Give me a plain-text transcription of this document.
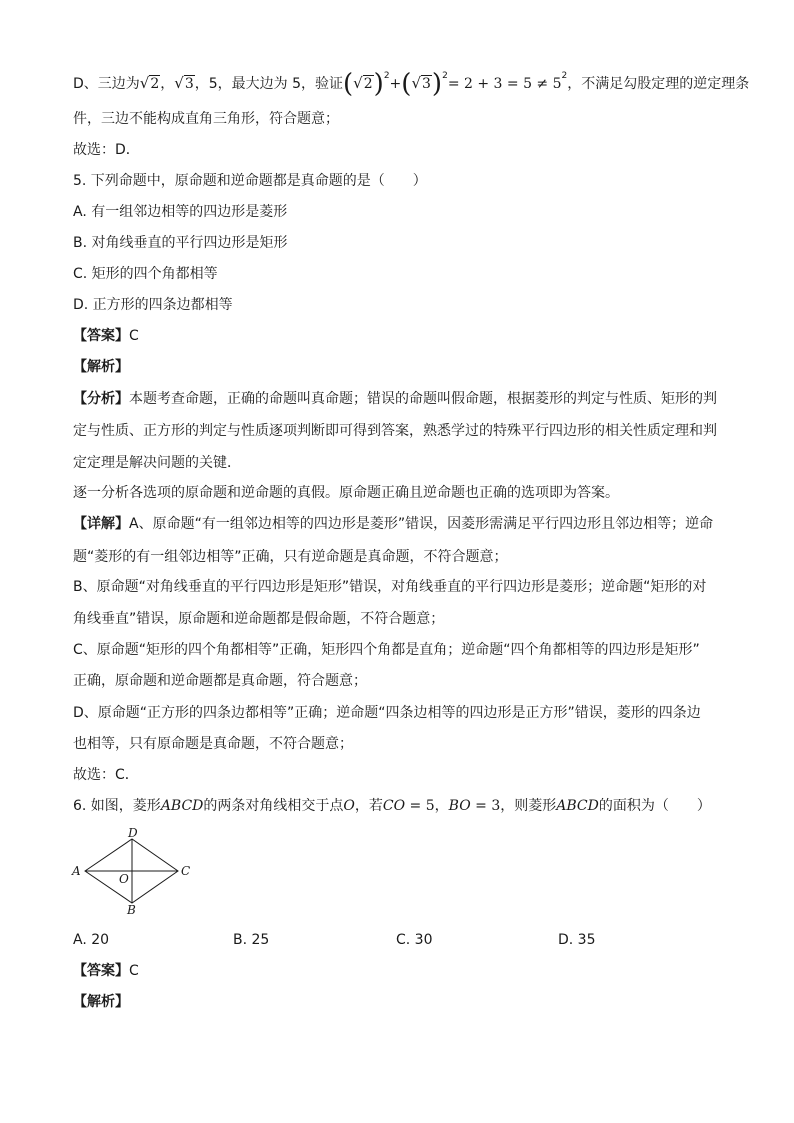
D、三边为√2，√3，5，最大边为 5，验证$(√2)^2+(√3)^2= 2 + 3 = 5 \ne 5^2$，不满足勾股定理的逆定理条
件，三边不能构成直角三角形，符合题意；
故选：D．
5. 下列命题中，原命题和逆命题都是真命题的是（　　）
A. 有一组邻边相等的四边形是菱形
B. 对角线垂直的平行四边形是矩形
C. 矩形的四个角都相等
D. 正方形的四条边都相等
【答案】C
【解析】
【分析】本题考查命题，正确的命题叫真命题；错误的命题叫假命题，根据菱形的判定与性质、矩形的判
定与性质、正方形的判定与性质逐项判断即可得到答案，熟悉学过的特殊平行四边形的相关性质定理和判
定定理是解决问题的关键．
逐一分析各选项的原命题和逆命题的真假。原命题正确且逆命题也正确的选项即为答案。
【详解】A、原命题“有一组邻边相等的四边形是菱形”错误，因菱形需满足平行四边形且邻边相等；逆命
题“菱形的有一组邻边相等”正确，只有逆命题是真命题，不符合题意；
B、原命题“对角线垂直的平行四边形是矩形”错误，对角线垂直的平行四边形是菱形；逆命题“矩形的对
角线垂直”错误，原命题和逆命题都是假命题，不符合题意；
C、原命题“矩形的四个角都相等”正确，矩形四个角都是直角；逆命题“四个角都相等的四边形是矩形”
正确，原命题和逆命题都是真命题，符合题意；
D、原命题“正方形的四条边都相等”正确；逆命题“四条边相等的四边形是正方形”错误，菱形的四条边
也相等，只有原命题是真命题，不符合题意；
故选：C．
6. 如图，菱形ABCD的两条对角线相交于点O，若CO = 5，BO = 3，则菱形ABCD的面积为（　　）
A
D
C
B
O
A. 20	B. 25	C. 30	D. 35
【答案】C
【解析】
